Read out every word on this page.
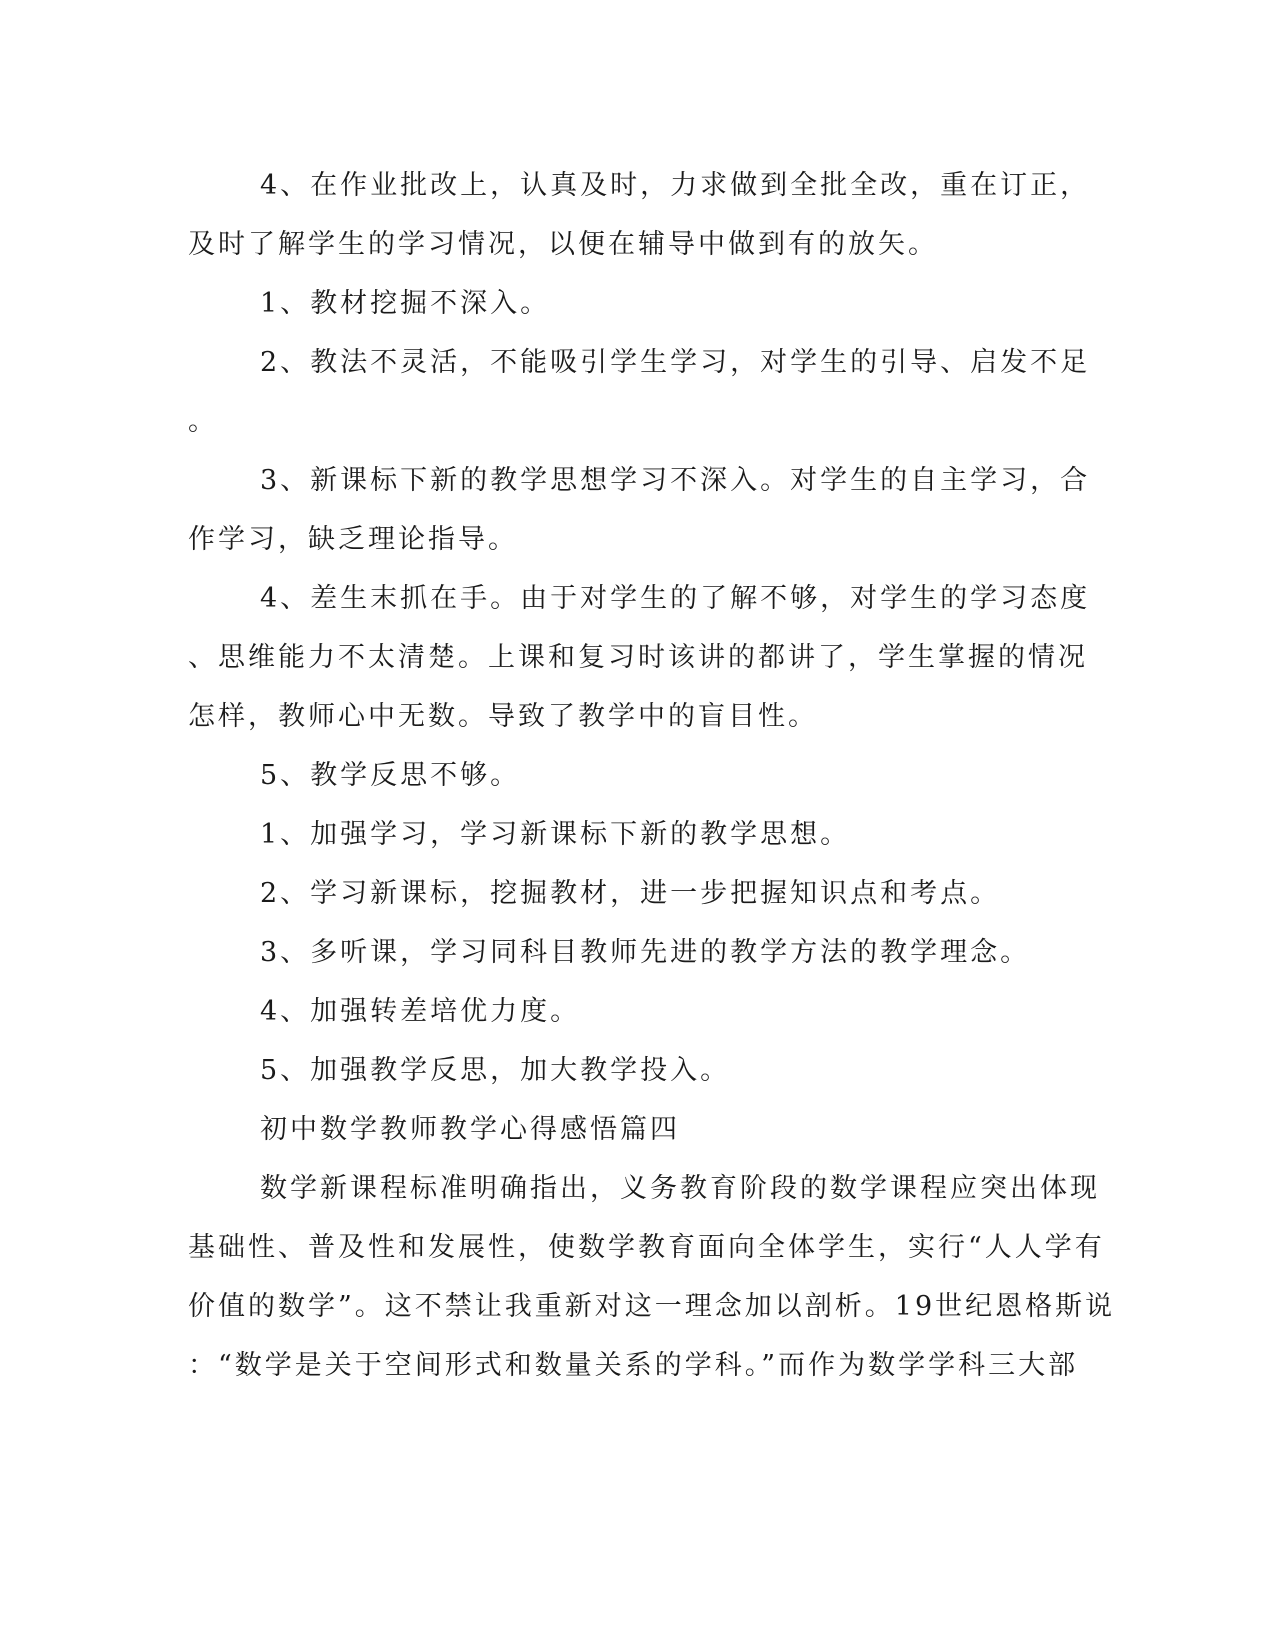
4、在作业批改上，认真及时，力求做到全批全改，重在订正，
及时了解学生的学习情况，以便在辅导中做到有的放矢。
1、教材挖掘不深入。
2、教法不灵活，不能吸引学生学习，对学生的引导、启发不足
。
3、新课标下新的教学思想学习不深入。对学生的自主学习，合
作学习，缺乏理论指导。
4、差生末抓在手。由于对学生的了解不够，对学生的学习态度
、思维能力不太清楚。上课和复习时该讲的都讲了，学生掌握的情况
怎样，教师心中无数。导致了教学中的盲目性。
5、教学反思不够。
1、加强学习，学习新课标下新的教学思想。
2、学习新课标，挖掘教材，进一步把握知识点和考点。
3、多听课，学习同科目教师先进的教学方法的教学理念。
4、加强转差培优力度。
5、加强教学反思，加大教学投入。
初中数学教师教学心得感悟篇四
数学新课程标准明确指出，义务教育阶段的数学课程应突出体现
基础性、普及性和发展性，使数学教育面向全体学生，实行“人人学有
价值的数学”。这不禁让我重新对这一理念加以剖析。19世纪恩格斯说
：“数学是关于空间形式和数量关系的学科。”而作为数学学科三大部
